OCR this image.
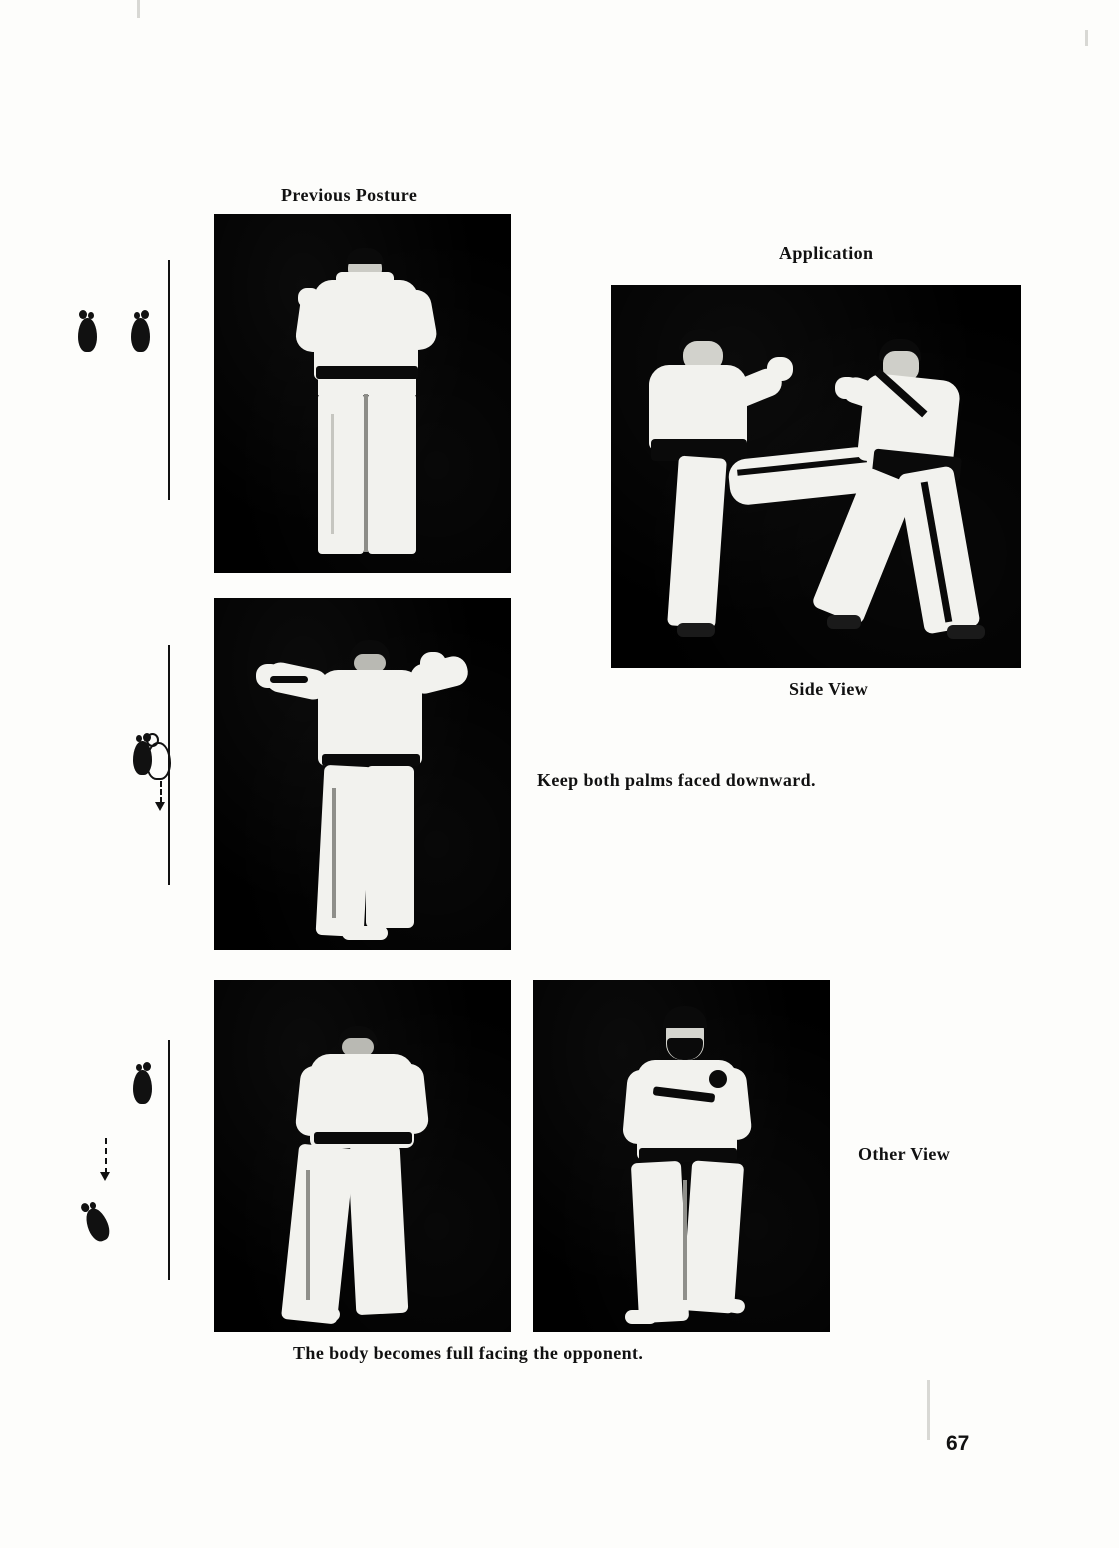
Previous Posture
Application
Side View
Other View
Keep both palms faced downward.
The body becomes full facing the opponent.
67
